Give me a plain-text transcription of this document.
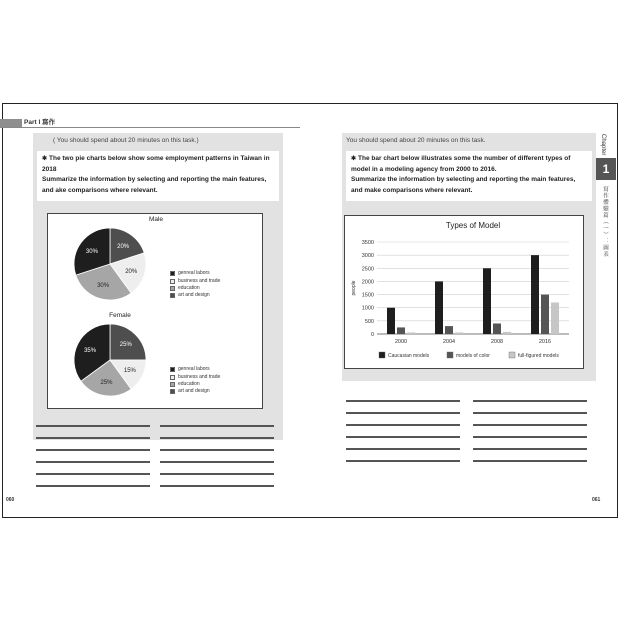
Part I 寫作
( You should spend about 20 minutes on this task.)
✱ The two pie charts below show some employment patterns in Taiwan in
2018
Summarize the information by selecting and reporting the main features,
and ake comparisons where relevant.
Male
20%
20%
30%
30%
genreal labors
business and trade
education
art and design
Female
25%
15%
25%
35%
genreal labors
business and trade
education
art and design
060
You should spend about 20 minutes on this task.
✱ The bar chart below illustrates some the number of different types of
model in a modeling agency from 2000 to 2016.
Summarize the information by selecting and reporting the main features,
and make comparisons where relevant.
Types of Model
0
500
1000
1500
2000
2500
3000
3500
people
2000	2004	2008	2016
Caucasian models	models of color	full-figured models
061
Chapter
1
寫作體驗篇（一）：圖表
